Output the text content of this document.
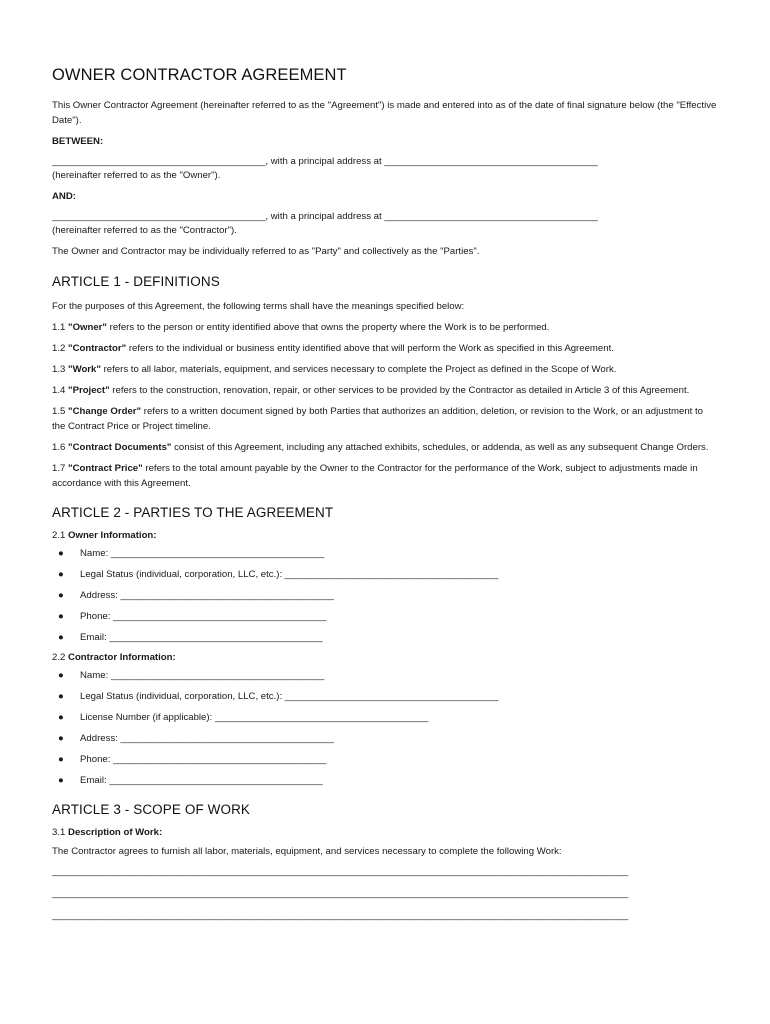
OWNER CONTRACTOR AGREEMENT

This Owner Contractor Agreement (hereinafter referred to as the "Agreement") is made and entered into as of the date of final signature below (the "Effective Date").

BETWEEN:

________________________________________, with a principal address at ________________________________________
(hereinafter referred to as the "Owner").

AND:

________________________________________, with a principal address at ________________________________________
(hereinafter referred to as the "Contractor").

The Owner and Contractor may be individually referred to as "Party" and collectively as the "Parties".

ARTICLE 1 - DEFINITIONS

For the purposes of this Agreement, the following terms shall have the meanings specified below:

1.1 "Owner" refers to the person or entity identified above that owns the property where the Work is to be performed.

1.2 "Contractor" refers to the individual or business entity identified above that will perform the Work as specified in this Agreement.

1.3 "Work" refers to all labor, materials, equipment, and services necessary to complete the Project as defined in the Scope of Work.

1.4 "Project" refers to the construction, renovation, repair, or other services to be provided by the Contractor as detailed in Article 3 of this Agreement.

1.5 "Change Order" refers to a written document signed by both Parties that authorizes an addition, deletion, or revision to the Work, or an adjustment to the Contract Price or Project timeline.

1.6 "Contract Documents" consist of this Agreement, including any attached exhibits, schedules, or addenda, as well as any subsequent Change Orders.

1.7 "Contract Price" refers to the total amount payable by the Owner to the Contractor for the performance of the Work, subject to adjustments made in accordance with this Agreement.

ARTICLE 2 - PARTIES TO THE AGREEMENT
2.1 Owner Information:
● Name: ________________________________________
● Legal Status (individual, corporation, LLC, etc.): ________________________________________
● Address: ________________________________________
● Phone: ________________________________________
● Email: ________________________________________
2.2 Contractor Information:
● Name: ________________________________________
● Legal Status (individual, corporation, LLC, etc.): ________________________________________
● License Number (if applicable): ________________________________________
● Address: ________________________________________
● Phone: ________________________________________
● Email: ________________________________________
ARTICLE 3 - SCOPE OF WORK
3.1 Description of Work:

The Contractor agrees to furnish all labor, materials, equipment, and services necessary to complete the following Work:

____________________________________________________________________________________________________________
____________________________________________________________________________________________________________
____________________________________________________________________________________________________________
